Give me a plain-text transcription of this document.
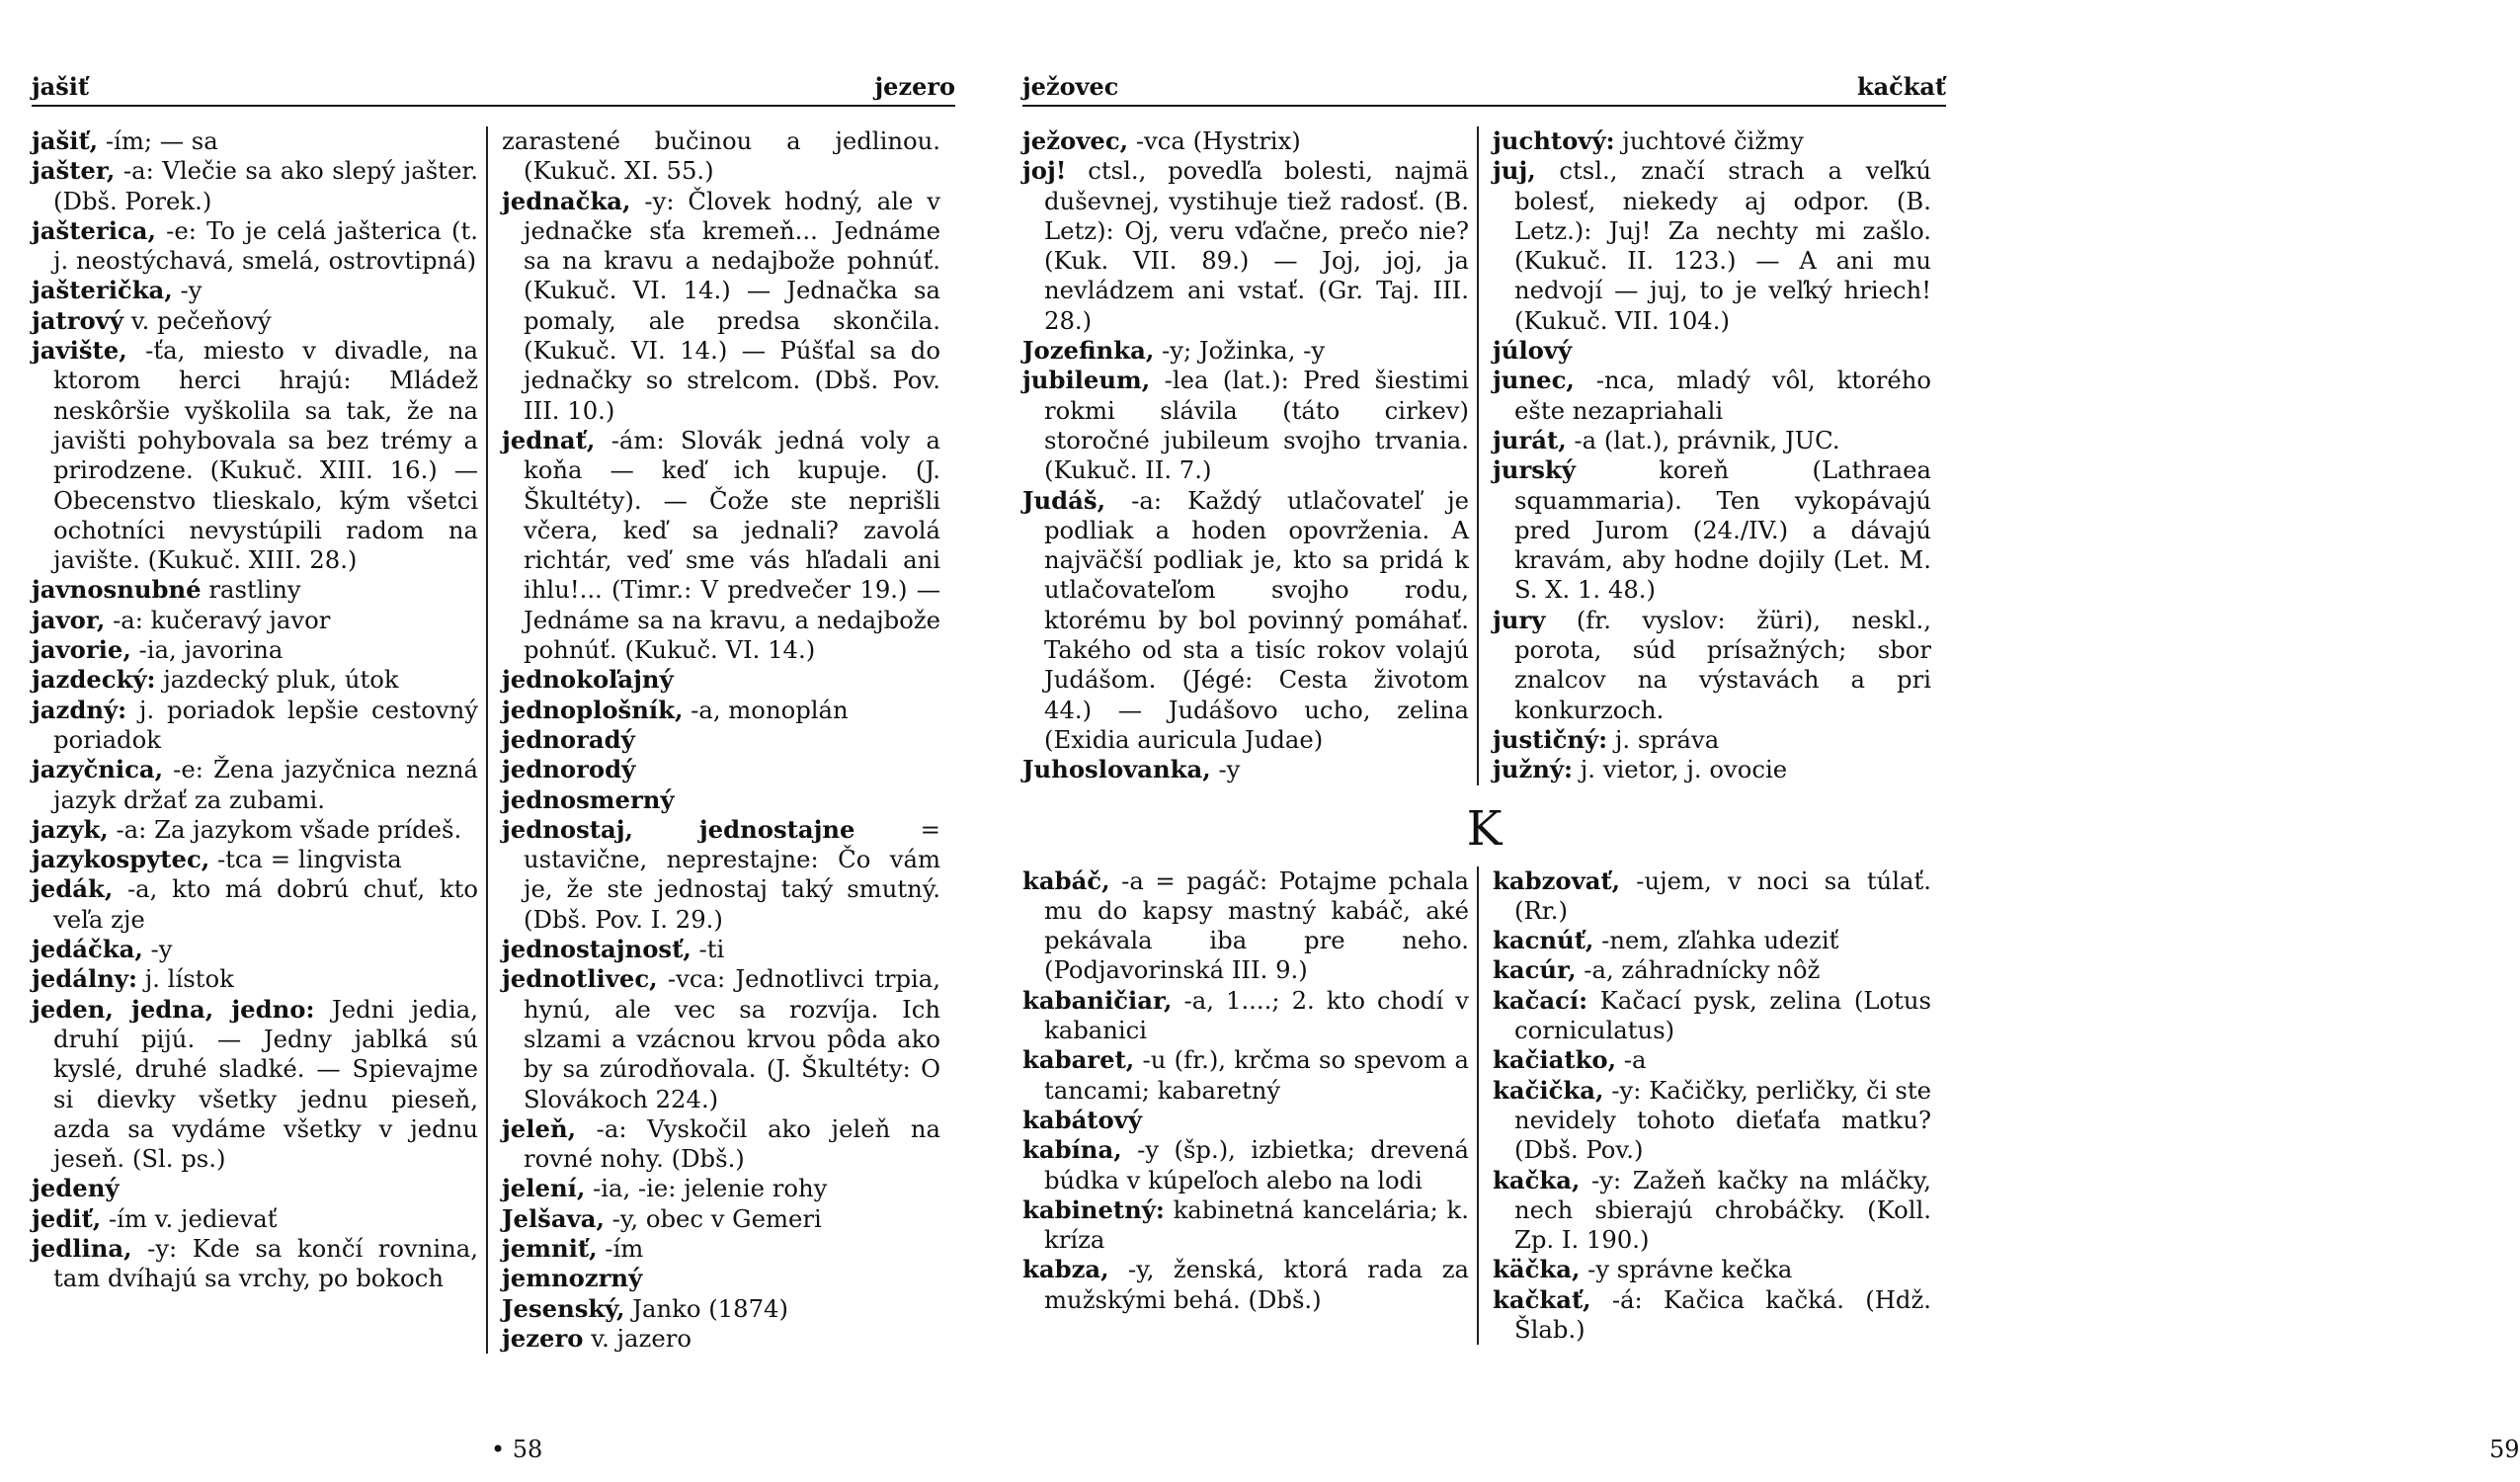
jašiť	jezero

jašiť, -ím; — sa

jašter, -a: Vlečie sa ako slepý jašter. (Dbš. Porek.)

jašterica, -e: To je celá jašterica (t. j. neostýchavá, smelá, ostrovtipná)

jašterička, -y

jatrový v. pečeňový

javište, -ťa, miesto v divadle, na ktorom herci hrajú: Mládež neskôršie vyškolila sa tak, že na javišti pohybovala sa bez trémy a prirodzene. (Kukuč. XIII. 16.) — Obecenstvo tlieskalo, kým všetci ochotníci nevystúpili radom na javište. (Kukuč. XIII. 28.)

javnosnubné rastliny

javor, -a: kučeravý javor

javorie, -ia, javorina

jazdecký: jazdecký pluk, útok

jazdný: j. poriadok lepšie cestovný poriadok

jazyčnica, -e: Žena jazyčnica nezná jazyk držať za zubami.

jazyk, -a: Za jazykom všade prídeš.

jazykospytec, -tca = lingvista

jedák, -a, kto má dobrú chuť, kto veľa zje

jedáčka, -y

jedálny: j. lístok

jeden, jedna, jedno: Jedni jedia, druhí pijú. — Jedny jablká sú kyslé, druhé sladké. — Spievajme si dievky všetky jednu pieseň, azda sa vydáme všetky v jednu jeseň. (Sl. ps.)

jedený

jediť, -ím v. jedievať

jedlina, -y: Kde sa končí rovnina, tam dvíhajú sa vrchy, po bokoch

zarastené bučinou a jedlinou. (Kukuč. XI. 55.)

jednačka, -y: Človek hodný, ale v jednačke sťa kremeň... Jednáme sa na kravu a nedajbože pohnúť. (Kukuč. VI. 14.) — Jednačka sa pomaly, ale predsa skončila. (Kukuč. VI. 14.) — Púšťal sa do jednačky so strelcom. (Dbš. Pov. III. 10.)

jednať, -ám: Slovák jedná voly a koňa — keď ich kupuje. (J. Škultéty). — Čože ste neprišli včera, keď sa jednali? zavolá richtár, veď sme vás hľadali ani ihlu!... (Timr.: V predvečer 19.) — Jednáme sa na kravu, a nedajbože pohnúť. (Kukuč. VI. 14.)

jednokoľajný

jednoplošník, -a, monoplán

jednoradý

jednorodý

jednosmerný

jednostaj, jednostajne = ustavične, neprestajne: Čo vám je, že ste jednostaj taký smutný. (Dbš. Pov. I. 29.)

jednostajnosť, -ti

jednotlivec, -vca: Jednotlivci trpia, hynú, ale vec sa rozvíja. Ich slzami a vzácnou krvou pôda ako by sa zúrodňovala. (J. Škultéty: O Slovákoch 224.)

jeleň, -a: Vyskočil ako jeleň na rovné nohy. (Dbš.)

jelení, -ia, -ie: jelenie rohy

Jelšava, -y, obec v Gemeri

jemniť, -ím

jemnozrný

Jesenský, Janko (1874)

jezero v. jazero

• 58
ježovec	kačkať

ježovec, -vca (Hystrix)

joj! ctsl., povedľa bolesti, najmä duševnej, vystihuje tiež radosť. (B. Letz): Oj, veru vďačne, prečo nie? (Kuk. VII. 89.) — Joj, joj, ja nevládzem ani vstať. (Gr. Taj. III. 28.)

Jozefinka, -y; Jožinka, -y

jubileum, -lea (lat.): Pred šiestimi rokmi slávila (táto cirkev) storočné jubileum svojho trvania. (Kukuč. II. 7.)

Judáš, -a: Každý utlačovateľ je podliak a hoden opovrženia. A najväčší podliak je, kto sa pridá k utlačovateľom svojho rodu, ktorému by bol povinný pomáhať. Takého od sta a tisíc rokov volajú Judášom. (Jégé: Cesta životom 44.) — Judášovo ucho, zelina (Exidia auricula Judae)

Juhoslovanka, -y

juchtový: juchtové čižmy

juj, ctsl., značí strach a veľkú bolesť, niekedy aj odpor. (B. Letz.): Juj! Za nechty mi zašlo. (Kukuč. II. 123.) — A ani mu nedvojí — juj, to je veľký hriech! (Kukuč. VII. 104.)

júlový

junec, -nca, mladý vôl, ktorého ešte nezapriahali

jurát, -a (lat.), právnik, JUC.

jurský koreň (Lathraea squammaria). Ten vykopávajú pred Jurom (24./IV.) a dávajú kravám, aby hodne dojily (Let. M. S. X. 1. 48.)

jury (fr. vyslov: žüri), neskl., porota, súd prísažných; sbor znalcov na výstavách a pri konkurzoch.

justičný: j. správa

južný: j. vietor, j. ovocie

K

kabáč, -a = pagáč: Potajme pchala mu do kapsy mastný kabáč, aké pekávala iba pre neho. (Podjavorinská III. 9.)

kabaničiar, -a, 1....; 2. kto chodí v kabanici

kabaret, -u (fr.), krčma so spevom a tancami; kabaretný

kabátový

kabína, -y (šp.), izbietka; drevená búdka v kúpeľoch alebo na lodi

kabinetný: kabinetná kancelária; k. kríza

kabza, -y, ženská, ktorá rada za mužskými behá. (Dbš.)

kabzovať, -ujem, v noci sa túlať. (Rr.)

kacnúť, -nem, zľahka udeziť

kacúr, -a, záhradnícky nôž

kačací: Kačací pysk, zelina (Lotus corniculatus)

kačiatko, -a

kačička, -y: Kačičky, perličky, či ste nevidely tohoto dieťaťa matku? (Dbš. Pov.)

kačka, -y: Zažeň kačky na mláčky, nech sbierajú chrobáčky. (Koll. Zp. I. 190.)

käčka, -y správne kečka

kačkať, -á: Kačica kačká. (Hdž. Šlab.)

59
